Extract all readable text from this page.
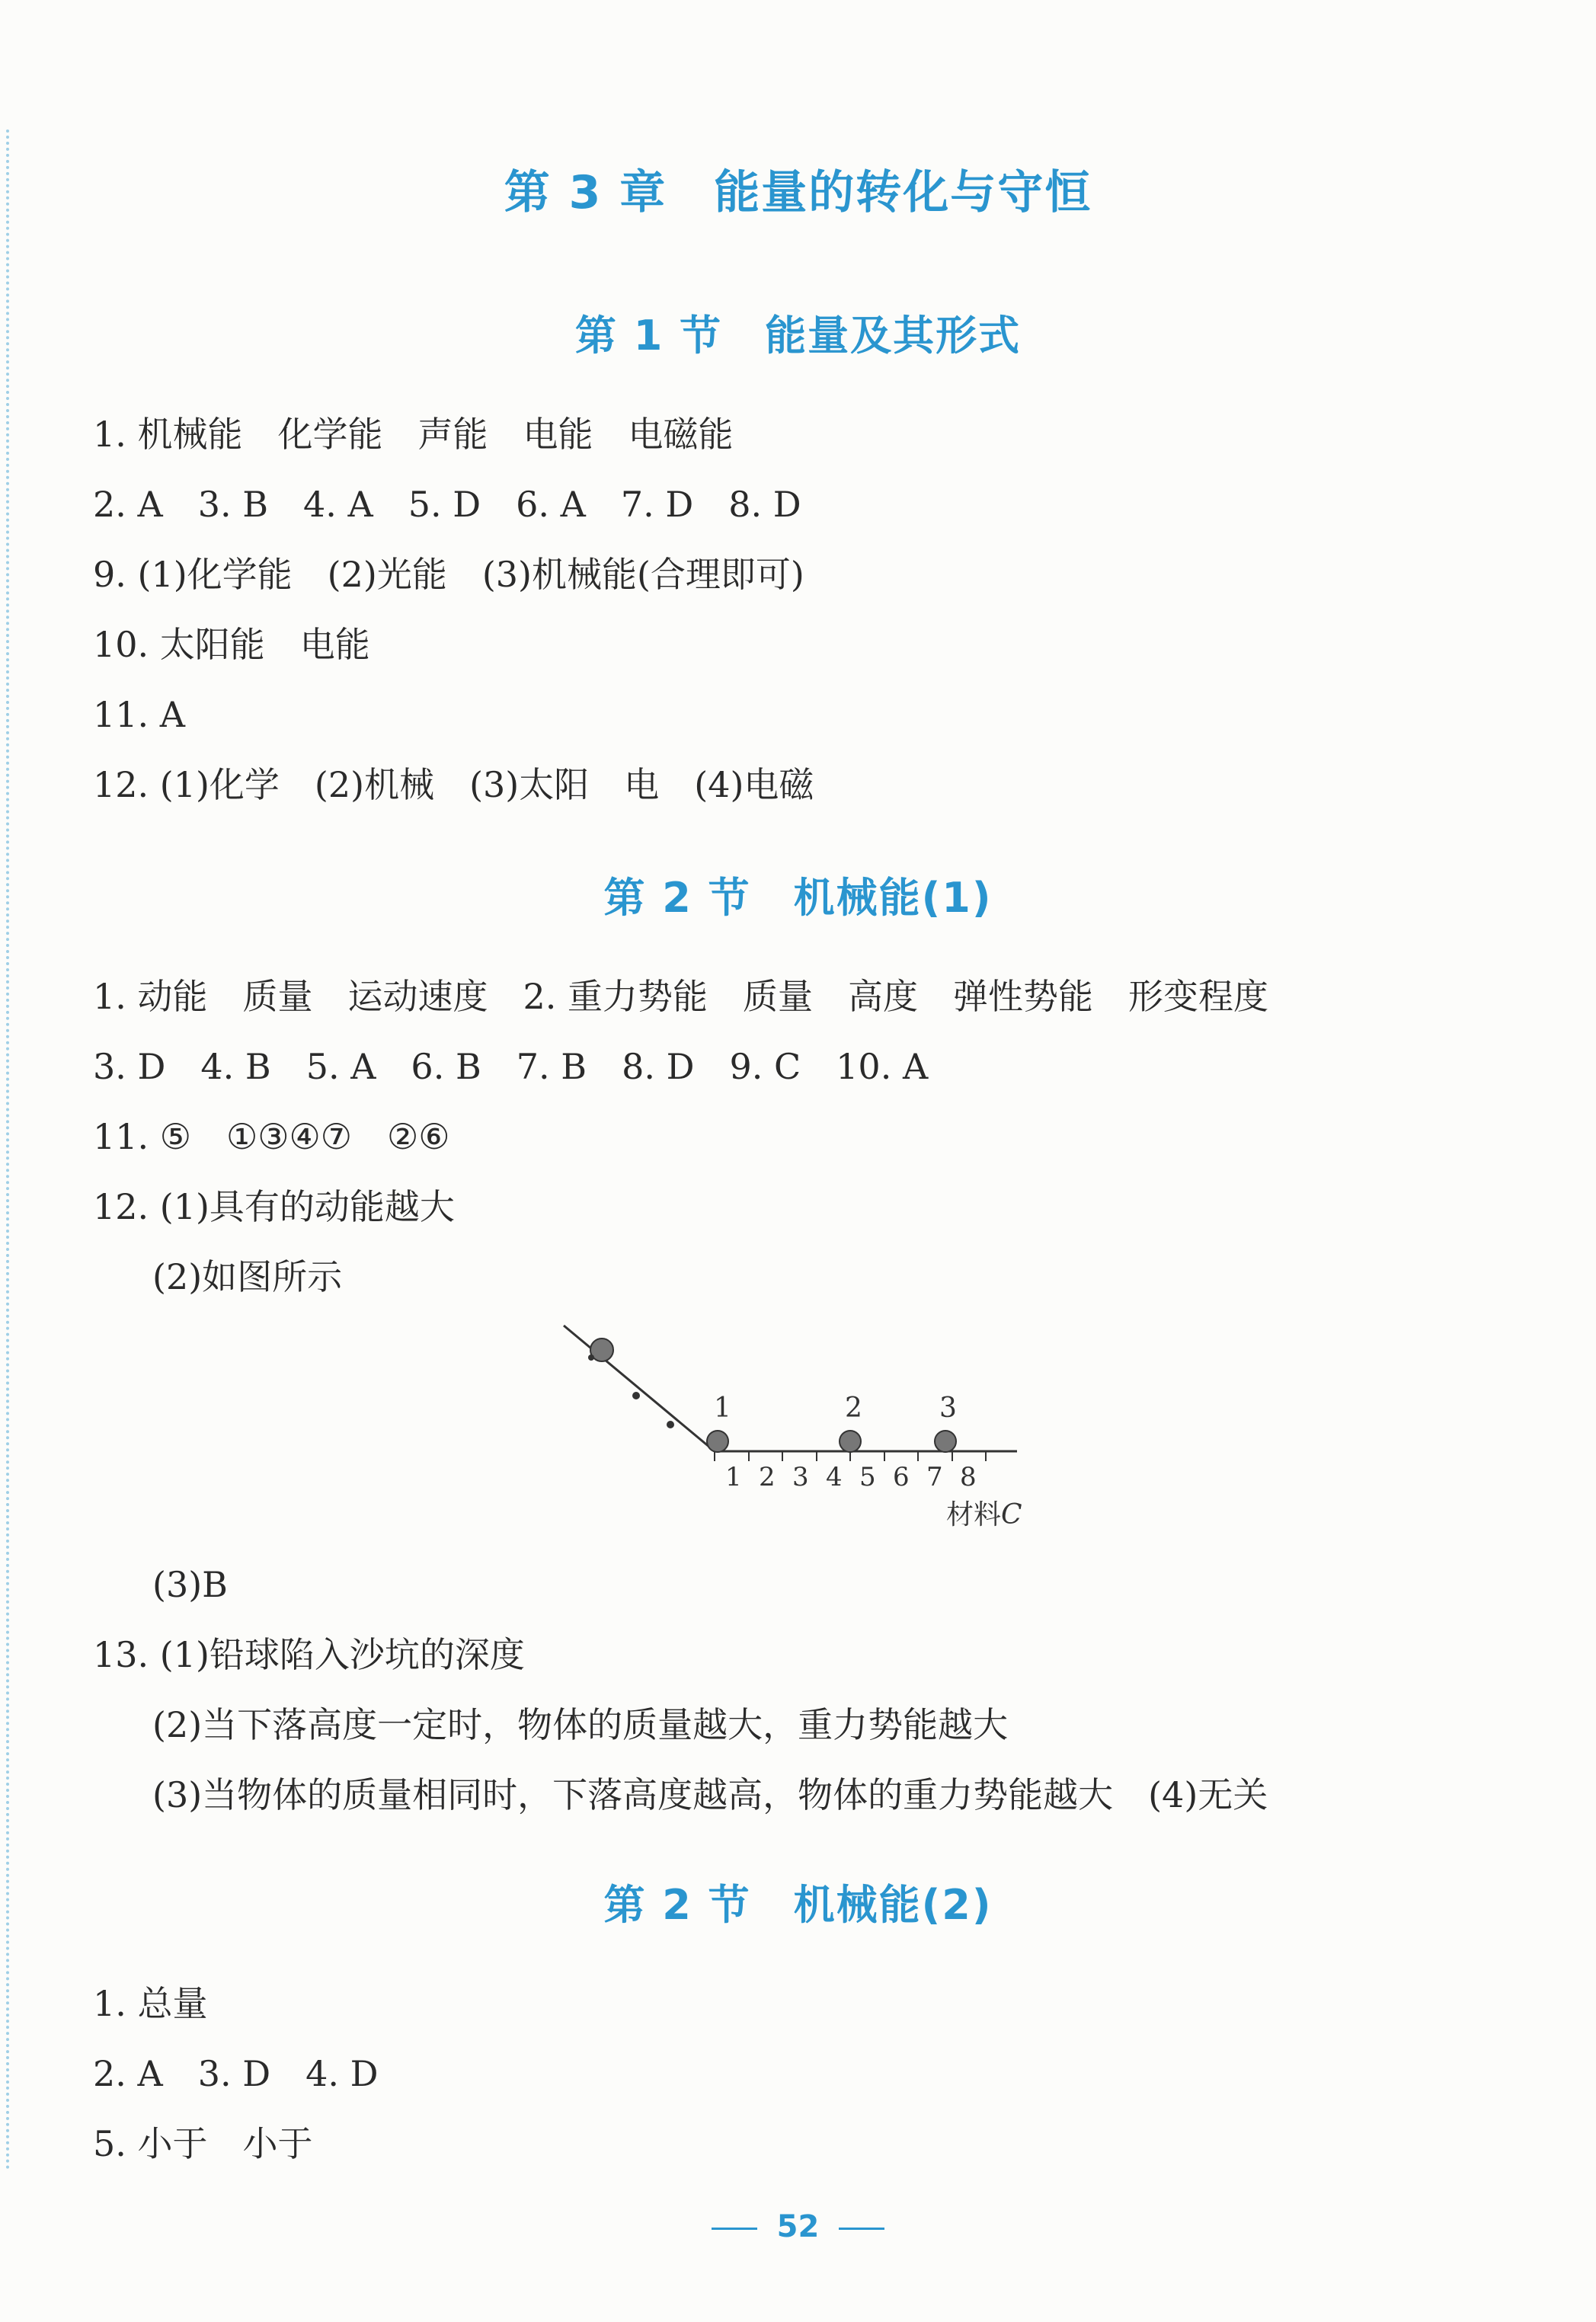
第 3 章　能量的转化与守恒
第 1 节　能量及其形式
1. 机械能　化学能　声能　电能　电磁能
2. A　3. B　4. A　5. D　6. A　7. D　8. D
9. (1)化学能　(2)光能　(3)机械能(合理即可)
10. 太阳能　电能
11. A
12. (1)化学　(2)机械　(3)太阳　电　(4)电磁
第 2 节　机械能(1)
1. 动能　质量　运动速度　2. 重力势能　质量　高度　弹性势能　形变程度
3. D　4. B　5. A　6. B　7. B　8. D　9. C　10. A
11. ⑤　①③④⑦　②⑥
12. (1)具有的动能越大
(2)如图所示
1	2	3
1 2 3 4 5 6 7 8
材料C
(3)B
13. (1)铅球陷入沙坑的深度
(2)当下落高度一定时，物体的质量越大，重力势能越大
(3)当物体的质量相同时，下落高度越高，物体的重力势能越大　(4)无关
第 2 节　机械能(2)
1. 总量
2. A　3. D　4. D
5. 小于　小于
52
